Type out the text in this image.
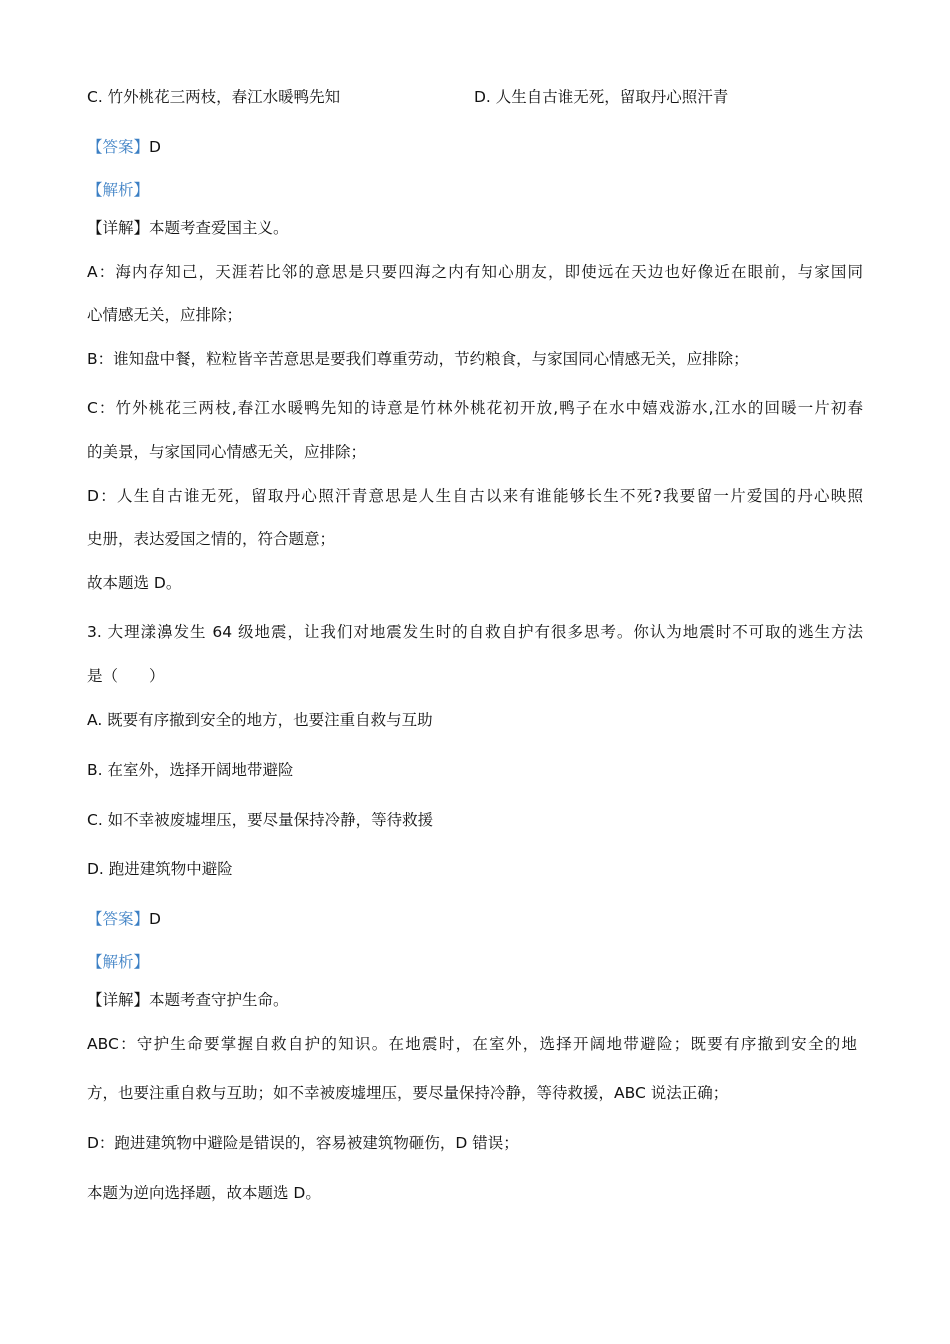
C. 竹外桃花三两枝，春江水暖鸭先知	D. 人生自古谁无死，留取丹心照汗青
【答案】D
【解析】
【详解】本题考查爱国主义。
A：海内存知己，天涯若比邻的意思是只要四海之内有知心朋友，即使远在天边也好像近在眼前，与家国同
心情感无关，应排除；
B：谁知盘中餐，粒粒皆辛苦意思是要我们尊重劳动，节约粮食，与家国同心情感无关，应排除；
C：竹外桃花三两枝,春江水暖鸭先知的诗意是竹林外桃花初开放,鸭子在水中嬉戏游水,江水的回暖一片初春
的美景，与家国同心情感无关，应排除；
D：人生自古谁无死，留取丹心照汗青意思是人生自古以来有谁能够长生不死?我要留一片爱国的丹心映照
史册，表达爱国之情的，符合题意；
故本题选 D。
3. 大理漾濞发生 64 级地震，让我们对地震发生时的自救自护有很多思考。你认为地震时不可取的逃生方法
是（　　）
A. 既要有序撤到安全的地方，也要注重自救与互助
B. 在室外，选择开阔地带避险
C. 如不幸被废墟埋压，要尽量保持冷静，等待救援
D. 跑进建筑物中避险
【答案】D
【解析】
【详解】本题考查守护生命。
ABC：守护生命要掌握自救自护的知识。在地震时，在室外，选择开阔地带避险；既要有序撤到安全的地
方，也要注重自救与互助；如不幸被废墟埋压，要尽量保持冷静，等待救援，ABC 说法正确；
D：跑进建筑物中避险是错误的，容易被建筑物砸伤，D 错误；
本题为逆向选择题，故本题选 D。
